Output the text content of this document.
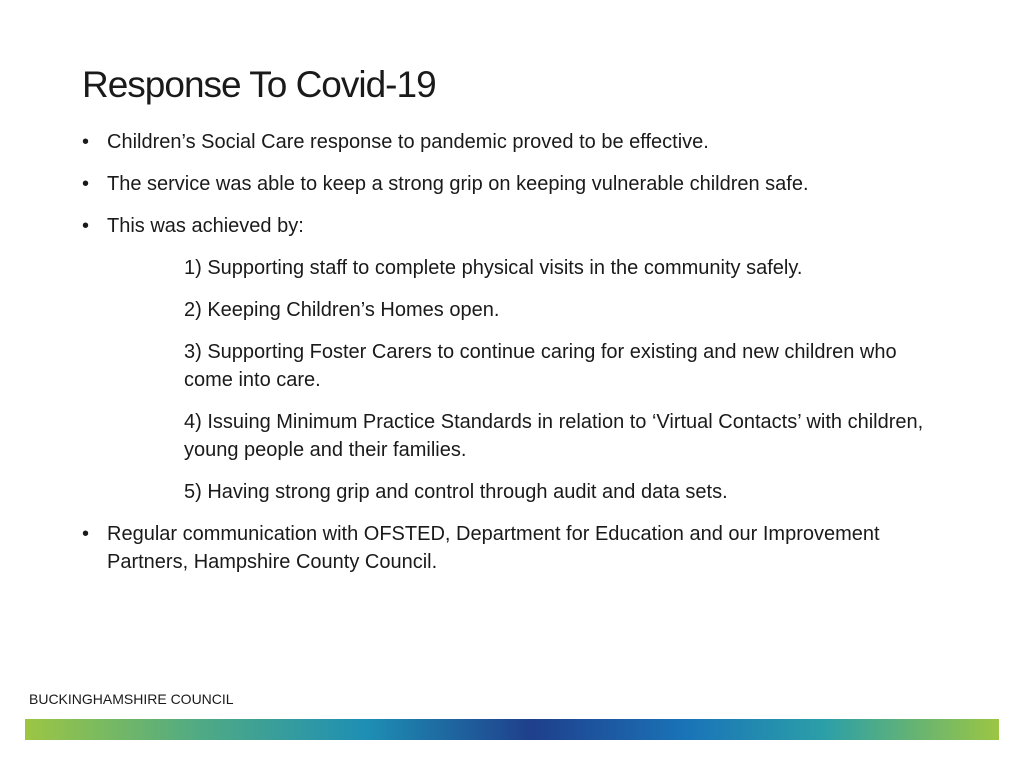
Response To Covid-19
• Children’s Social Care response to pandemic proved to be effective.
• The service was able to keep a strong grip on keeping vulnerable children safe.
• This was achieved by:
1) Supporting staff to complete physical visits in the community safely.
2) Keeping Children’s Homes open.
3) Supporting Foster Carers to continue caring for existing and new children who come into care.
4) Issuing Minimum Practice Standards in relation to ‘Virtual Contacts’ with children, young people and their families.
5) Having strong grip and control through audit and data sets.
• Regular communication with OFSTED, Department for Education and our Improvement Partners, Hampshire County Council.
BUCKINGHAMSHIRE COUNCIL
